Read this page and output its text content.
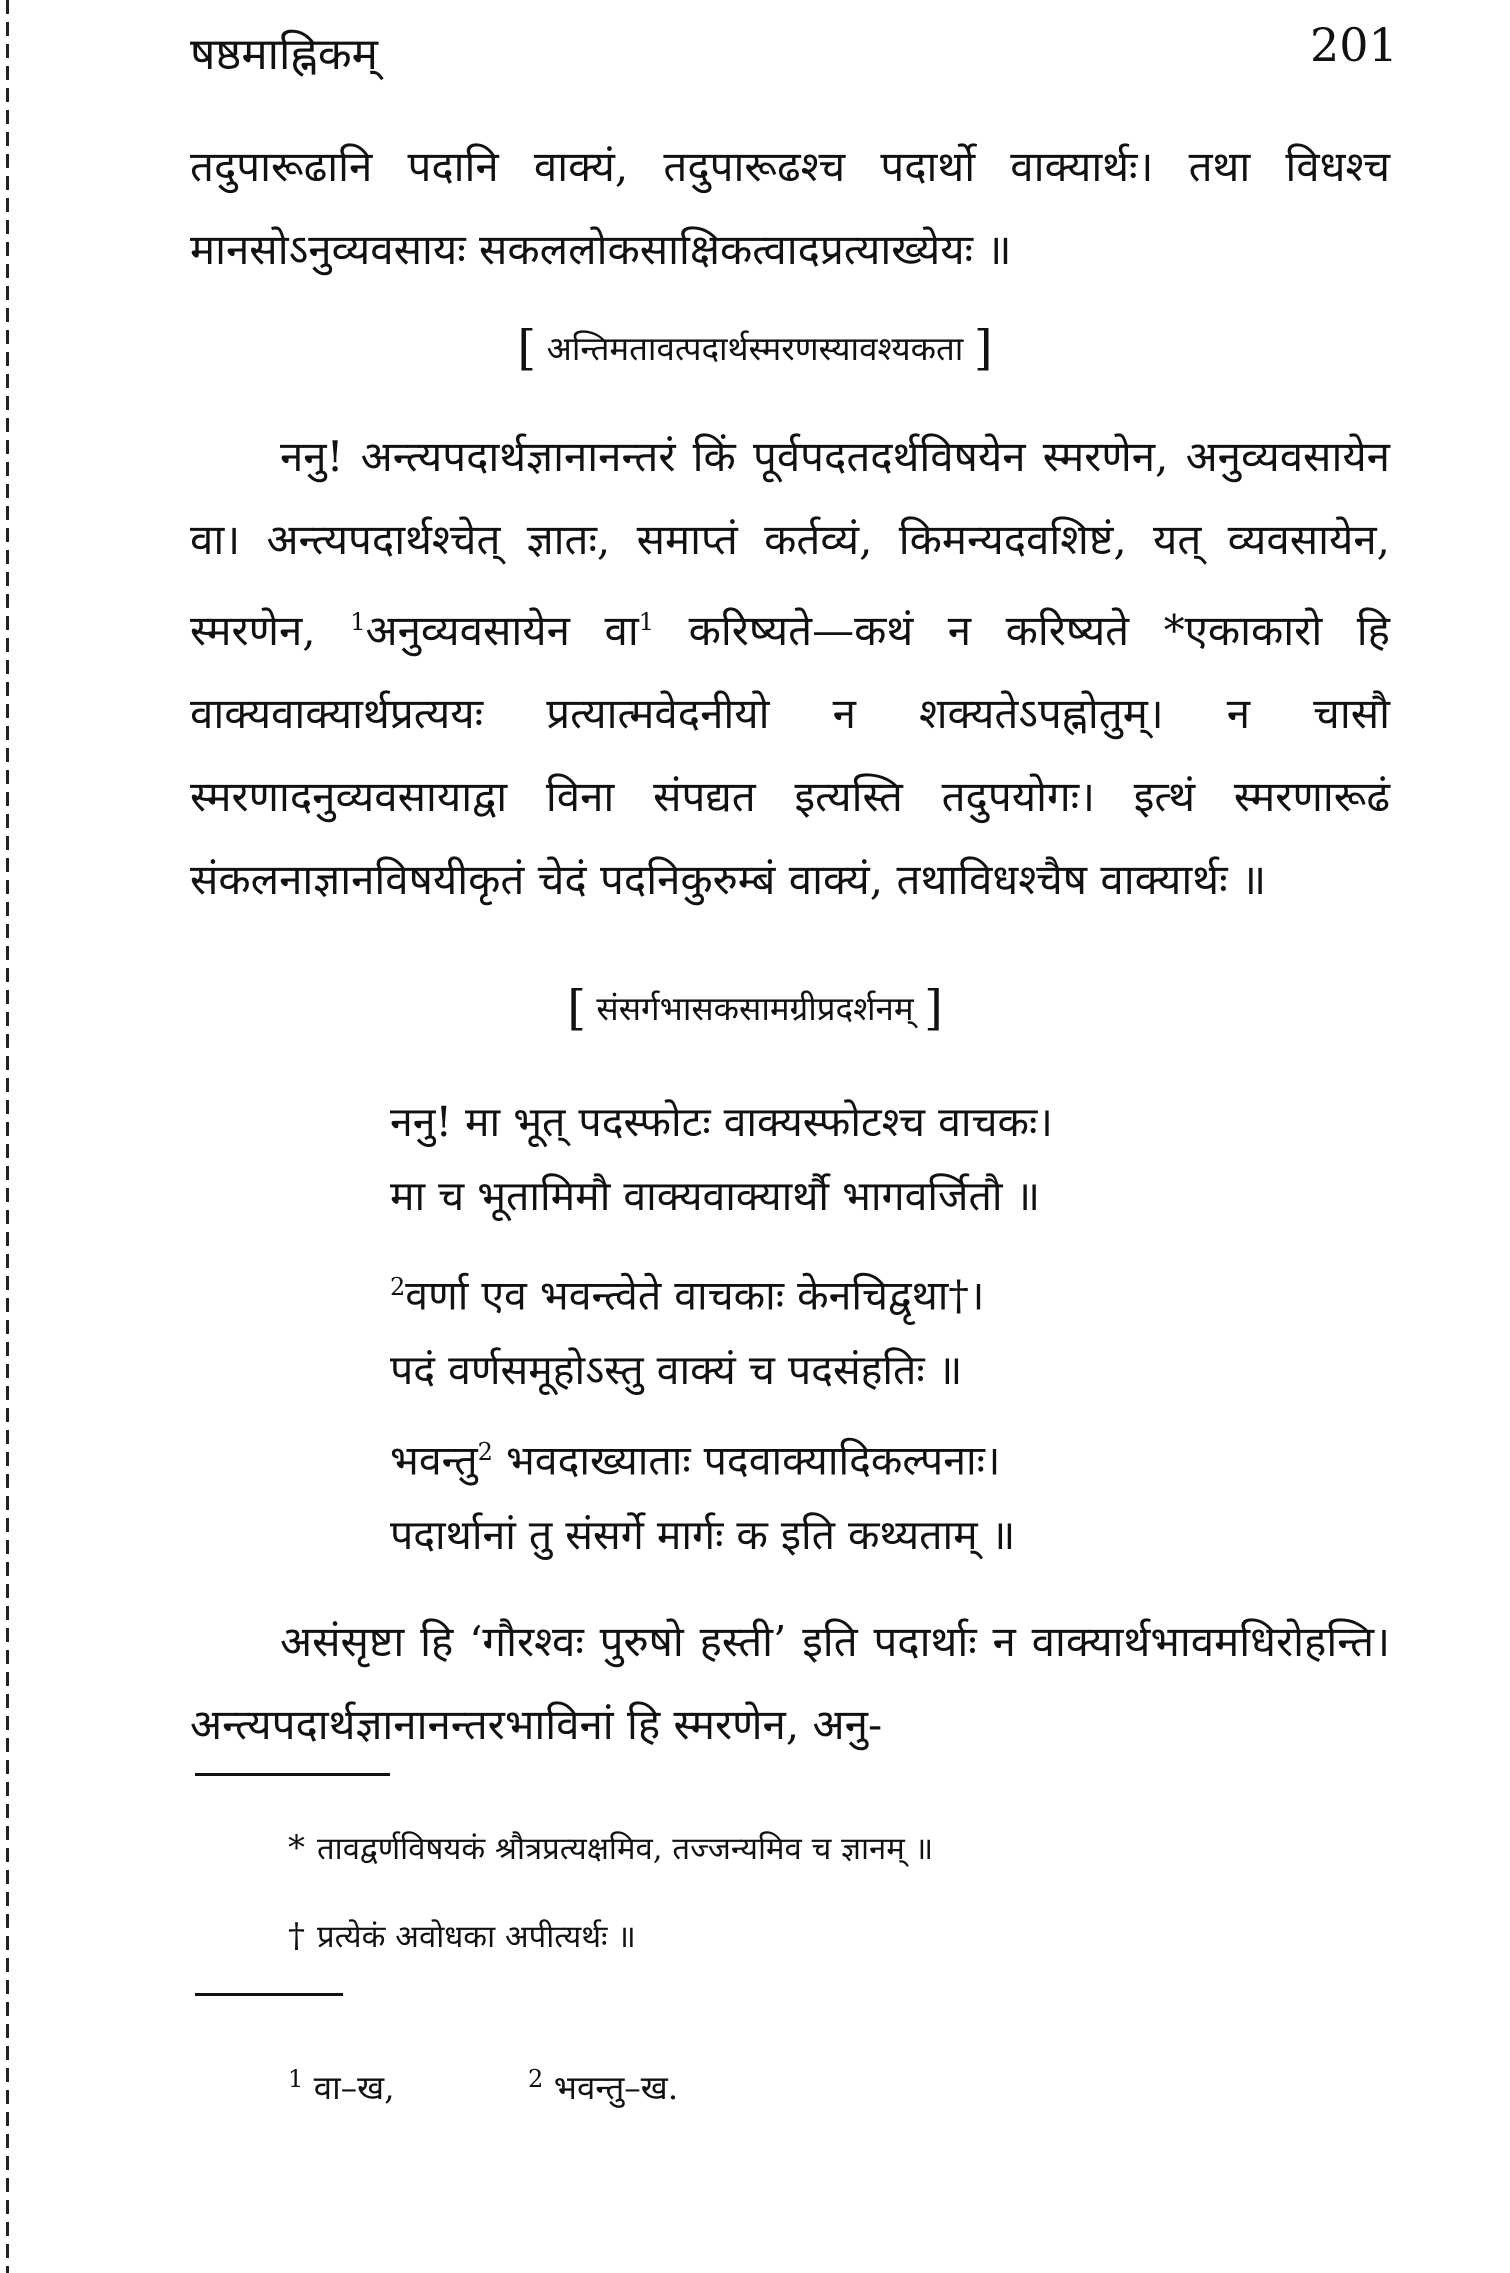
षष्ठमाह्निकम्	201
तदुपारूढानि पदानि वाक्यं, तदुपारूढश्च पदार्थो वाक्यार्थः। तथा विधश्च मानसोऽनुव्यवसायः सकललोकसाक्षिकत्वादप्रत्याख्येयः ॥
[ अन्तिमतावत्पदार्थस्मरणस्यावश्यकता ]
ननु! अन्त्यपदार्थज्ञानानन्तरं किं पूर्वपदतदर्थविषयेन स्मरणेन, अनुव्यवसायेन वा। अन्त्यपदार्थश्चेत् ज्ञातः, समाप्तं कर्तव्यं, किमन्यदवशिष्टं, यत् व्यवसायेन, स्मरणेन, $^1$अनुव्यवसायेन वा$^1$ करिष्यते—कथं न करिष्यते *एकाकारो हि वाक्यवाक्यार्थप्रत्ययः प्रत्यात्मवेदनीयो न शक्यतेऽपह्नोतुम्। न चासौ स्मरणादनुव्यवसायाद्वा विना संपद्यत इत्यस्ति तदुपयोगः। इत्थं स्मरणारूढं संकलनाज्ञानविषयीकृतं चेदं पदनिकुरुम्बं वाक्यं, तथाविधश्चैष वाक्यार्थः ॥
[ संसर्गभासकसामग्रीप्रदर्शनम् ]
ननु! मा भूत् पदस्फोटः वाक्यस्फोटश्च वाचकः।
मा च भूतामिमौ वाक्यवाक्यार्थौ भागवर्जितौ ॥
$^2$वर्णा एव भवन्त्वेते वाचकाः केनचिद्वृथा†।
पदं वर्णसमूहोऽस्तु वाक्यं च पदसंहतिः ॥
भवन्तु$^2$ भवदाख्याताः पदवाक्यादिकल्पनाः।
पदार्थानां तु संसर्गे मार्गः क इति कथ्यताम् ॥
असंसृष्टा हि ‘गौरश्वः पुरुषो हस्ती’ इति पदार्थाः न वाक्यार्थभावमधिरोहन्ति। अन्त्यपदार्थज्ञानानन्तरभाविनां हि स्मरणेन, अनु-
* तावद्वर्णविषयकं श्रौत्रप्रत्यक्षमिव, तज्जन्यमिव च ज्ञानम् ॥
† प्रत्येकं अवोधका अपीत्यर्थः ॥
$^1$ वा–ख,	$^2$ भवन्तु–ख.
